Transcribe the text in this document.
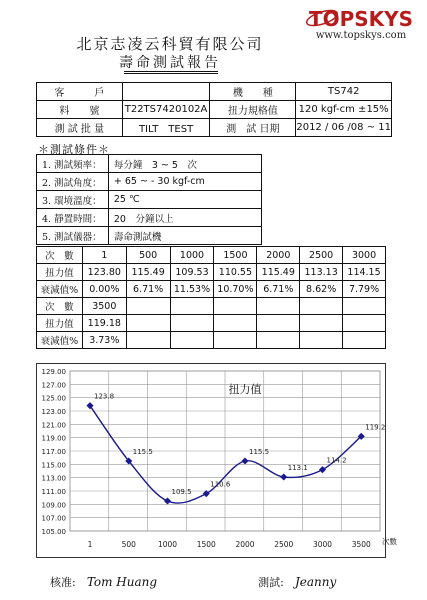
北京志凌云科貿有限公司
壽命測試報告
TOPSKYS
www.topskys.com
客　　　戶		機　　種	TS742
料　　號	T22TS7420102A	扭力規格值	120 kgf-cm ±15%
測 試 批 量	TILT　TEST	測　試 日期	2012 / 06 /08 ~ 11
＊測試條件＊
1. 測試頻率：	每分鐘　3 ~ 5　次
2. 測試角度：	+ 65 ~ - 30 kgf-cm
3. 環境溫度：	25 ℃
4. 靜置時間：	20　分鐘以上
5. 測試儀器：	壽命測試機
次　數	1	500	1000	1500	2000	2500	3000
扭力值	123.80	115.49	109.53	110.55	115.49	113.13	114.15
衰減值%	0.00%	6.71%	11.53%	10.70%	6.71%	8.62%	7.79%
次　數	3500						
扭力值	119.18						
衰減值%	3.73%						
105.00
107.00
109.00
111.00
113.00
115.00
117.00
119.00
121.00
123.00
125.00
127.00
129.00
1	500	1000	1500	2000	2500	3000	3500 次數
扭力值
123.8
115.5
109.5
110.6
115.5
113.1
114.2
119.2
核准: Tom Huang	測試: Jeanny
